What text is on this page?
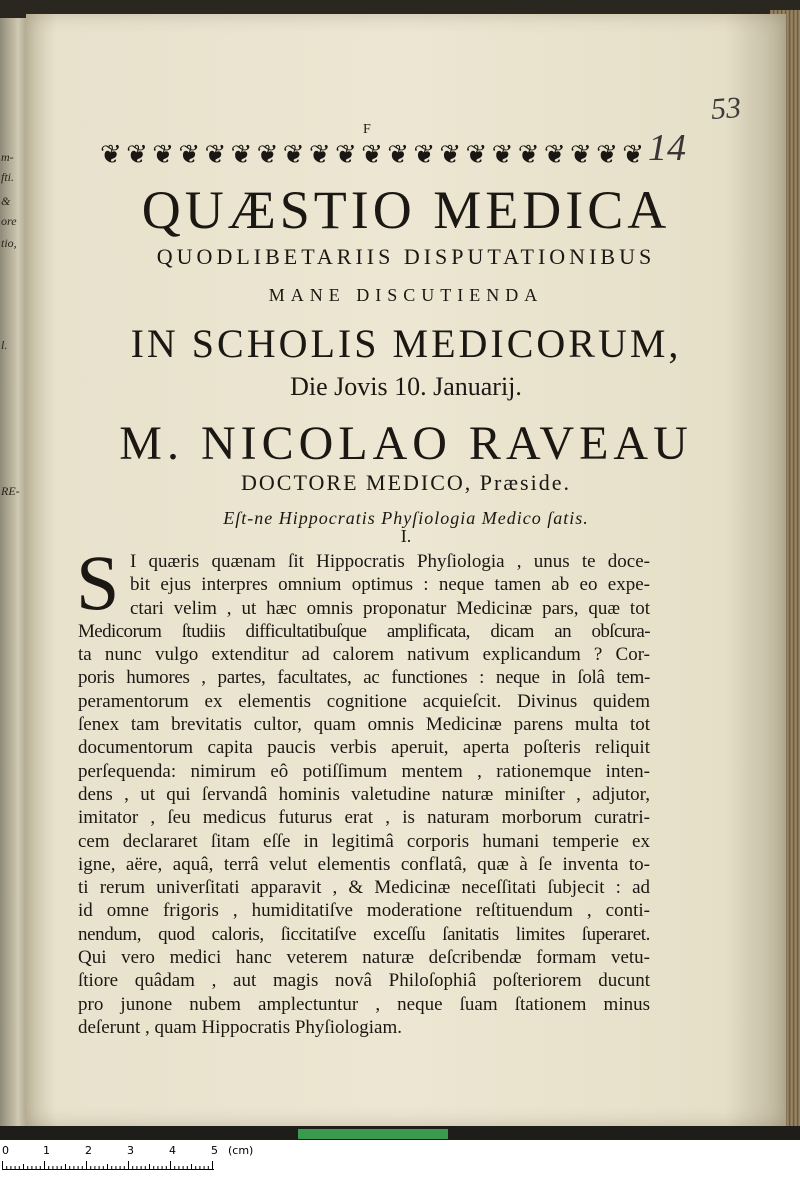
m-
fti.
&
ore
tio,
l.
RE-
53
14
F
❦ ❦ ❦ ❦ ❦ ❦ ❦ ❦ ❦ ❦ ❦ ❦ ❦ ❦ ❦ ❦ ❦ ❦ ❦ ❦ ❦
QUÆSTIO MEDICA
QUODLIBETARIIS DISPUTATIONIBUS
MANE DISCUTIENDA
IN SCHOLIS MEDICORUM,
Die Jovis 10. Januarij.
M. NICOLAO RAVEAU
DOCTORE MEDICO, Præside.
Eſt-ne Hippocratis Phyſiologia Medico ſatis.
I.
S I quæris quænam ſit Hippocratis Phyſiologia , unus te doce-
bit ejus interpres omnium optimus : neque tamen ab eo expe-
ctari velim , ut hæc omnis proponatur Medicinæ pars, quæ tot
Medicorum ſtudiis difficultatibuſque amplificata, dicam an obſcura-
ta nunc vulgo extenditur ad calorem nativum explicandum ? Cor-
poris humores , partes, facultates, ac functiones : neque in ſolâ tem-
peramentorum ex elementis cognitione acquieſcit. Divinus quidem
ſenex tam brevitatis cultor, quam omnis Medicinæ parens multa tot
documentorum capita paucis verbis aperuit, aperta poſteris reliquit
perſequenda: nimirum eô potiſſimum mentem , rationemque inten-
dens , ut qui ſervandâ hominis valetudine naturæ miniſter , adjutor,
imitator , ſeu medicus futurus erat , is naturam morborum curatri-
cem declararet ſitam eſſe in legitimâ corporis humani temperie ex
igne, aëre, aquâ, terrâ velut elementis conflatâ, quæ à ſe inventa to-
ti rerum univerſitati apparavit , & Medicinæ neceſſitati ſubjecit : ad
id omne frigoris , humiditatiſve moderatione reſtituendum , conti-
nendum, quod caloris, ſiccitatiſve exceſſu ſanitatis limites ſuperaret.
Qui vero medici hanc veterem naturæ deſcribendæ formam vetu-
ſtiore quâdam , aut magis novâ Philoſophiâ poſteriorem ducunt
pro junone nubem amplectuntur , neque ſuam ſtationem minus
deſerunt , quam Hippocratis Phyſiologiam.
0	1	2	3	4	5 (cm)
